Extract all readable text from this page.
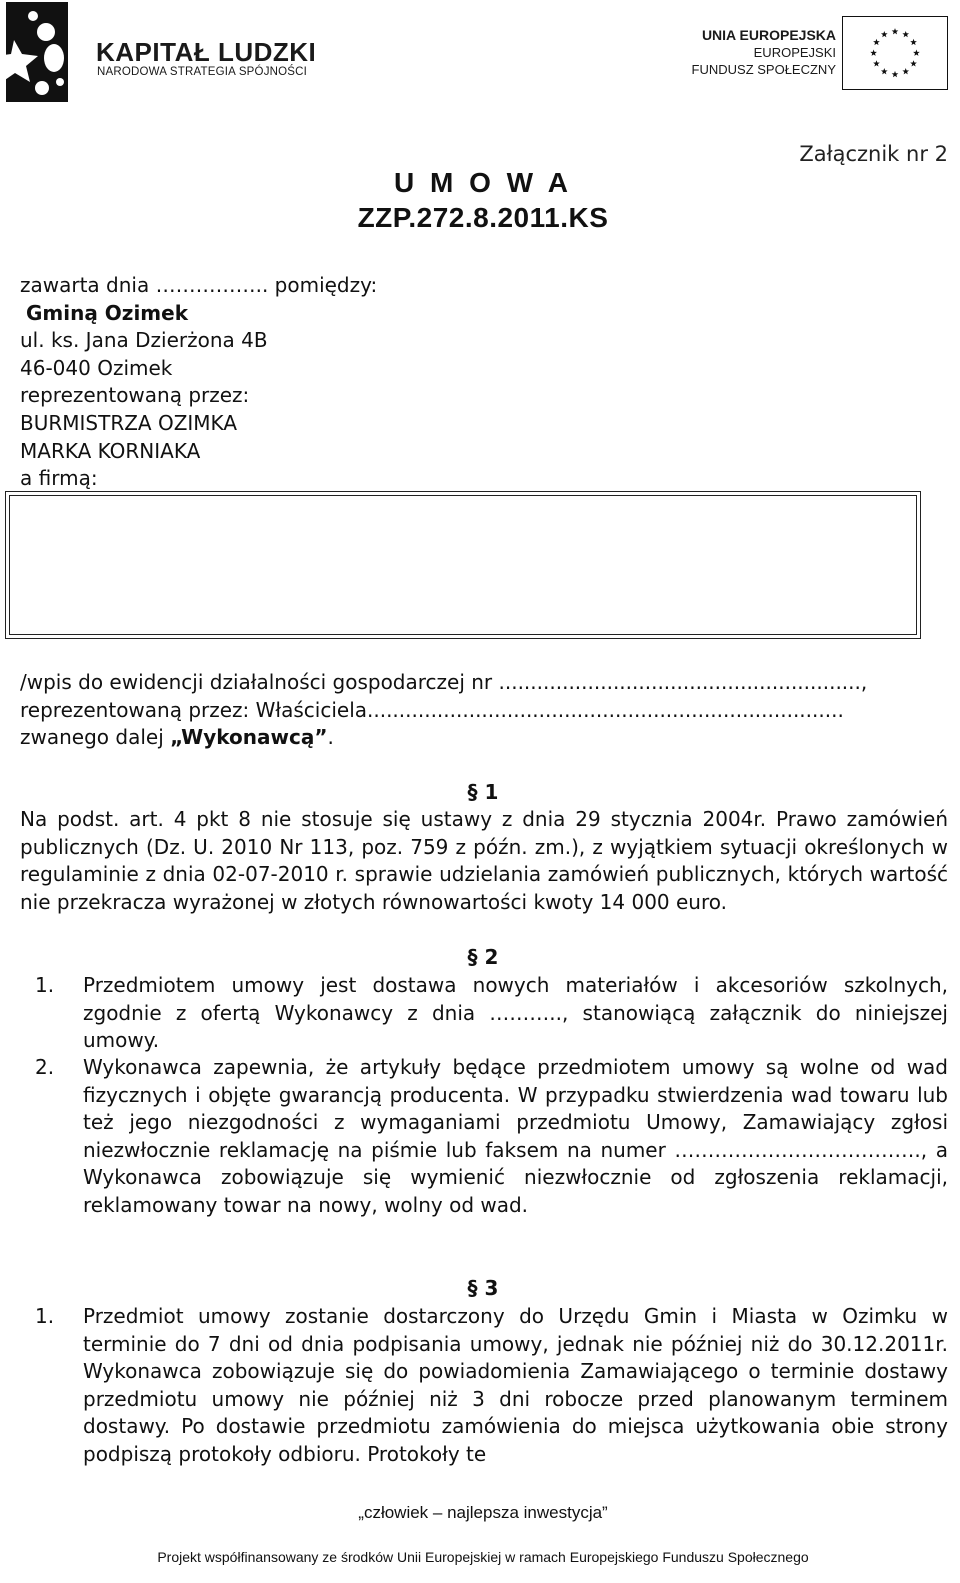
KAPITAŁ LUDZKI
NARODOWA STRATEGIA SPÓJNOŚCI
UNIA EUROPEJSKA
EUROPEJSKI
FUNDUSZ SPOŁECZNY
Załącznik nr 2
U M O W A
ZZP.272.8.2011.KS
zawarta dnia …………….. pomiędzy:
Gminą Ozimek
ul. ks. Jana Dzierżona 4B
46-040 Ozimek
reprezentowaną przez:
BURMISTRZA OZIMKA
MARKA KORNIAKA
a firmą:
/wpis do ewidencji działalności gospodarczej nr .........................................................,
reprezentowaną przez: Właściciela...........................................................................
zwanego dalej „Wykonawcą”.
§ 1
Na podst. art. 4 pkt 8 nie stosuje się ustawy z dnia 29 stycznia 2004r. Prawo zamówień publicznych (Dz. U. 2010 Nr 113, poz. 759 z późn. zm.), z wyjątkiem sytuacji określonych w regulaminie z dnia 02-07-2010 r. sprawie udzielania zamówień publicznych, których wartość nie przekracza wyrażonej w złotych równowartości kwoty 14 000 euro.
§ 2
1. Przedmiotem umowy jest dostawa nowych materiałów i akcesoriów szkolnych, zgodnie z ofertą Wykonawcy z dnia ……….., stanowiącą załącznik do niniejszej umowy.
2. Wykonawca zapewnia, że artykuły będące przedmiotem umowy są wolne od wad fizycznych i objęte gwarancją producenta. W przypadku stwierdzenia wad towaru lub też jego niezgodności z wymaganiami przedmiotu Umowy, Zamawiający zgłosi niezwłocznie reklamację na piśmie lub faksem na numer ………………………………., a Wykonawca zobowiązuje się wymienić niezwłocznie od zgłoszenia reklamacji, reklamowany towar na nowy, wolny od wad.
§ 3
1. Przedmiot umowy zostanie dostarczony do Urzędu Gmin i Miasta w Ozimku w terminie do 7 dni od dnia podpisania umowy, jednak nie później niż do 30.12.2011r. Wykonawca zobowiązuje się do powiadomienia Zamawiającego o terminie dostawy przedmiotu umowy nie później niż 3 dni robocze przed planowanym terminem dostawy. Po dostawie przedmiotu zamówienia do miejsca użytkowania obie strony podpiszą protokoły odbioru. Protokoły te
„człowiek – najlepsza inwestycja”
Projekt współfinansowany ze środków Unii Europejskiej w ramach Europejskiego Funduszu Społecznego
